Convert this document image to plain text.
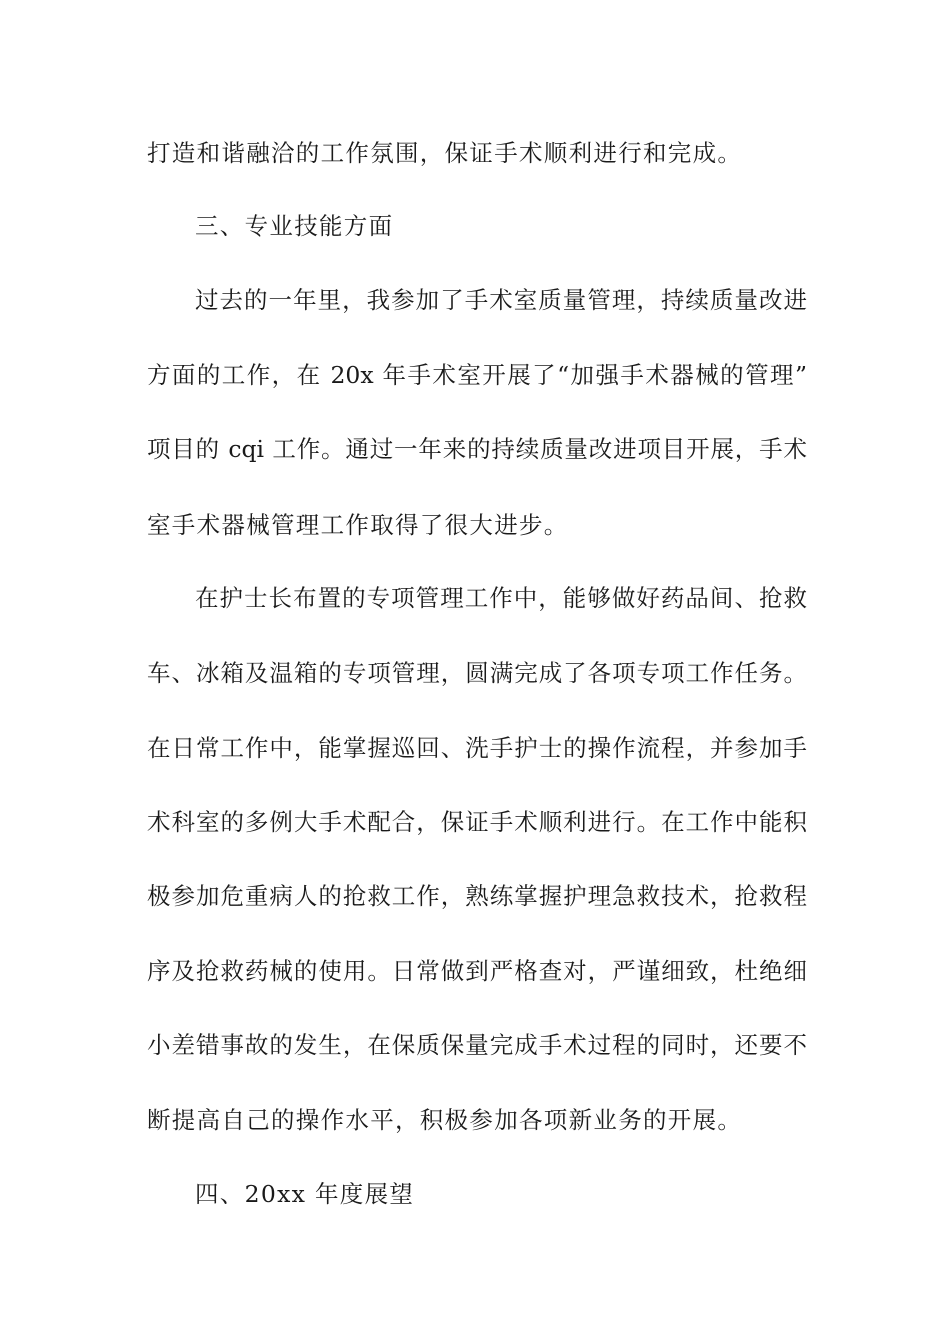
打造和谐融洽的工作氛围，保证手术顺利进行和完成。
三、专业技能方面
过去的一年里，我参加了手术室质量管理，持续质量改进
方面的工作，在 20x 年手术室开展了“加强手术器械的管理”
项目的 cqi 工作。通过一年来的持续质量改进项目开展，手术
室手术器械管理工作取得了很大进步。
在护士长布置的专项管理工作中，能够做好药品间、抢救
车、冰箱及温箱的专项管理，圆满完成了各项专项工作任务。
在日常工作中，能掌握巡回、洗手护士的操作流程，并参加手
术科室的多例大手术配合，保证手术顺利进行。在工作中能积
极参加危重病人的抢救工作，熟练掌握护理急救技术，抢救程
序及抢救药械的使用。日常做到严格查对，严谨细致，杜绝细
小差错事故的发生，在保质保量完成手术过程的同时，还要不
断提高自己的操作水平，积极参加各项新业务的开展。
四、20xx 年度展望
